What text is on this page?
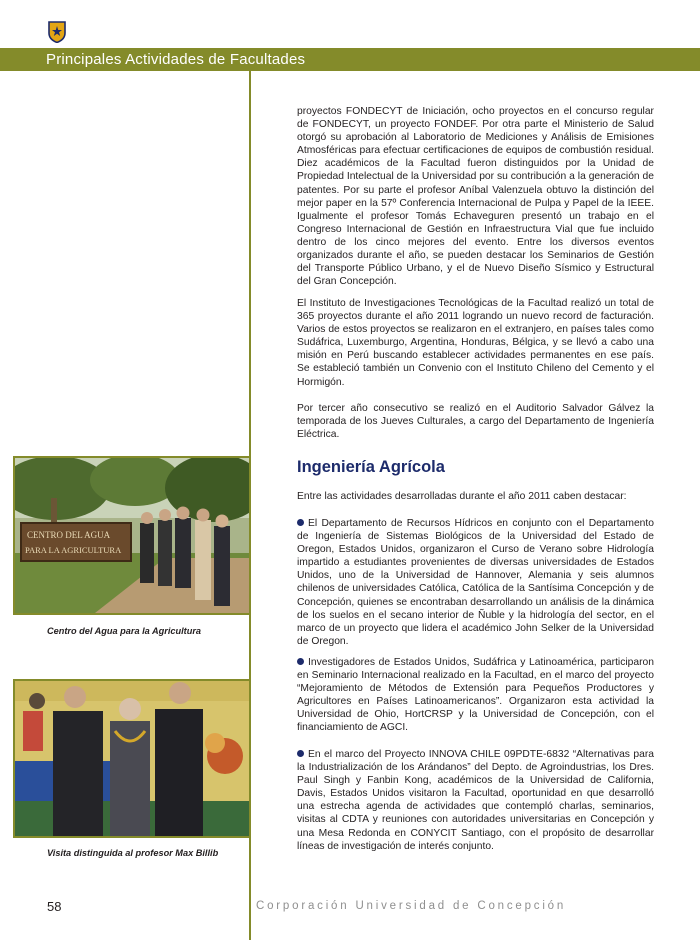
Principales Actividades de Facultades

proyectos FONDECYT de Iniciación, ocho proyectos en el concurso regular de FONDECYT, un proyecto FONDEF. Por otra parte el Ministerio de Salud otorgó su aprobación al Laboratorio de Mediciones y Análisis de Emisiones Atmosféricas para efectuar certificaciones de equipos de combustión residual. Diez académicos de la Facultad fueron distinguidos por la Unidad de Propiedad Intelectual de la Universidad por su contribución a la generación de patentes. Por su parte el profesor Aníbal Valenzuela obtuvo la distinción del mejor paper en la 57º Conferencia Internacional de Pulpa y Papel de la IEEE. Igualmente el profesor Tomás Echaveguren presentó un trabajo en el Congreso Internacional de Gestión en Infraestructura Vial que fue incluido dentro de los cinco mejores del evento. Entre los diversos eventos organizados durante el año, se pueden destacar los Seminarios de Gestión del Transporte Público Urbano, y el de Nuevo Diseño Sísmico y Estructural del Gran Concepción.

El Instituto de Investigaciones Tecnológicas de la Facultad realizó un total de 365 proyectos durante el año 2011 logrando un nuevo record de facturación. Varios de estos proyectos se realizaron en el extranjero, en países tales como Sudáfrica, Luxemburgo, Argentina, Honduras, Bélgica, y se llevó a cabo una misión en Perú buscando establecer actividades permanentes en ese país. Se estableció también un Convenio con el Instituto Chileno del Cemento y el Hormigón.

Por tercer año consecutivo se realizó en el Auditorio Salvador Gálvez la temporada de los Jueves Culturales, a cargo del Departamento de Ingeniería Eléctrica.

Ingeniería Agrícola
Entre las actividades desarrolladas durante el año 2011 caben destacar:
El Departamento de Recursos Hídricos en conjunto con el Departamento de Ingeniería de Sistemas Biológicos de la Universidad del Estado de Oregon, Estados Unidos, organizaron el Curso de Verano sobre Hidrología impartido a estudiantes provenientes de diversas universidades de Estados Unidos, uno de la Universidad de Hannover, Alemania y seis alumnos chilenos de universidades Católica, Católica de la Santísima Concepción y de Concepción, quienes se encontraban desarrollando un análisis de la dinámica de los suelos en el secano interior de Ñuble y la hidrología del sector, en el marco de un proyecto que lidera el académico John Selker de la Universidad de Oregon.
Investigadores de Estados Unidos, Sudáfrica y Latinoamérica, participaron en Seminario Internacional realizado en la Facultad, en el marco del proyecto “Mejoramiento de Métodos de Extensión para Pequeños Productores y Agricultores en Países Latinoamericanos”. Organizaron esta actividad la Universidad de Ohio, HortCRSP y la Universidad de Concepción, con el financiamiento de AGCI.
En el marco del Proyecto INNOVA CHILE 09PDTE-6832 “Alternativas para la Industrialización de los Arándanos” del Depto. de Agroindustrias, los Dres. Paul Singh y Fanbin Kong, académicos de la Universidad de California, Davis, Estados Unidos visitaron la Facultad, oportunidad en que desarrolló una estrecha agenda de actividades que contempló charlas, seminarios, visitas al CDTA y reuniones con autoridades universitarias en Concepción y una Mesa Redonda en CONYCIT Santiago, con el propósito de desarrollar líneas de investigación de interés conjunto.
CENTRO DEL AGUA
PARA LA AGRICULTURA
Centro del Agua para la Agricultura
Visita distinguida al profesor Max Billib
58	Corporación Universidad de Concepción
